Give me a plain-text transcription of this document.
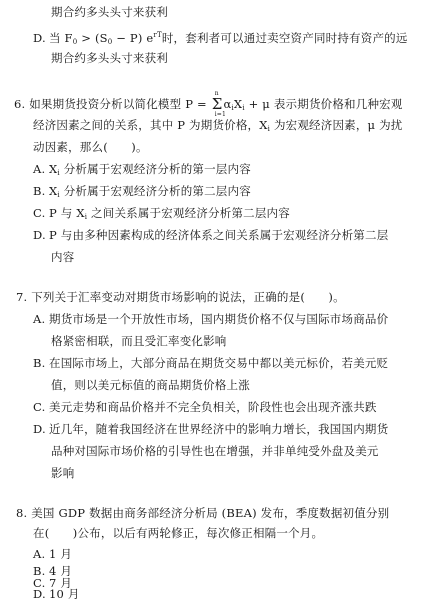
期合约多头头寸来获利
D. 当 $F_0 > (S_0 - P)$ $e^{rT}$时，套利者可以通过卖空资产同时持有资产的远
期合约多头头寸来获利
6. 如果期货投资分析以简化模型 P = Σ
n
i=1
$\alpha_iX_i + \mu$ 表示期货价格和几种宏观
经济因素之间的关系，其中 P 为期货价格，$X_i$ 为宏观经济因素，μ 为扰
动因素，那么(　　)。
A. $X_i$ 分析属于宏观经济分析的第一层内容
B. $X_i$ 分析属于宏观经济分析的第二层内容
C. P 与 $X_i$ 之间关系属于宏观经济分析第二层内容
D. P 与由多种因素构成的经济体系之间关系属于宏观经济分析第二层
内容
7. 下列关于汇率变动对期货市场影响的说法，正确的是(　　)。
A. 期货市场是一个开放性市场，国内期货价格不仅与国际市场商品价
格紧密相联，而且受汇率变化影响
B. 在国际市场上，大部分商品在期货交易中都以美元标价，若美元贬
值，则以美元标值的商品期货价格上涨
C. 美元走势和商品价格并不完全负相关，阶段性也会出现齐涨共跌
D. 近几年，随着我国经济在世界经济中的影响力增长，我国国内期货
品种对国际市场价格的引导性也在增强，并非单纯受外盘及美元
影响
8. 美国 GDP 数据由商务部经济分析局 (BEA) 发布，季度数据初值分别
在(　　)公布，以后有两轮修正，每次修正相隔一个月。
A. 1 月
B. 4 月
C. 7 月
D. 10 月
